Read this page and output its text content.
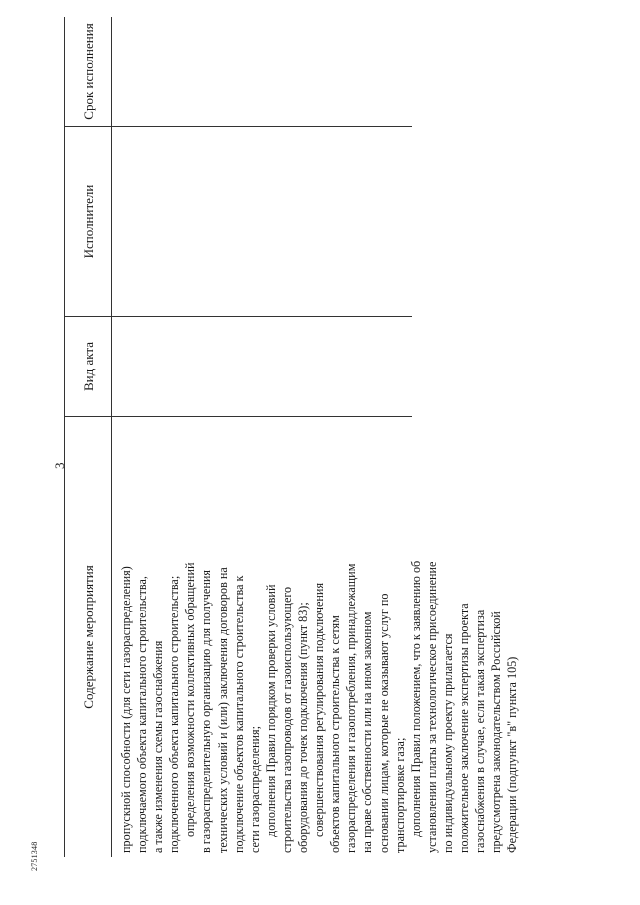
2751348
3
Содержание мероприятия
Вид акта
Исполнители
Срок исполнения

пропускной способности (для сети газораспределения)
подключаемого объекта капитального строительства,
а также изменения схемы газоснабжения
подключенного объекта капитального строительства;

определения возможности коллективных обращений
в газораспределительную организацию для получения
технических условий и (или) заключения договоров на
подключение объектов капитального строительства к
сети газораспределения; дополнения Правил порядком проверки условий
строительства газопроводов от газоиспользующего
оборудования до точек подключения (пункт 83);

совершенствования регулирования подключения
объектов капитального строительства к сетям
газораспределения и газопотребления, принадлежащим
на праве собственности или на ином законном
основании лицам, которые не оказывают услуг по
транспортировке газа;

дополнения Правил положением, что к заявлению об
установлении платы за технологическое присоединение
по индивидуальному проекту прилагается
положительное заключение экспертизы проекта
газоснабжения в случае, если такая экспертиза
предусмотрена законодательством Российской
Федерации (подпункт "в" пункта 105)
